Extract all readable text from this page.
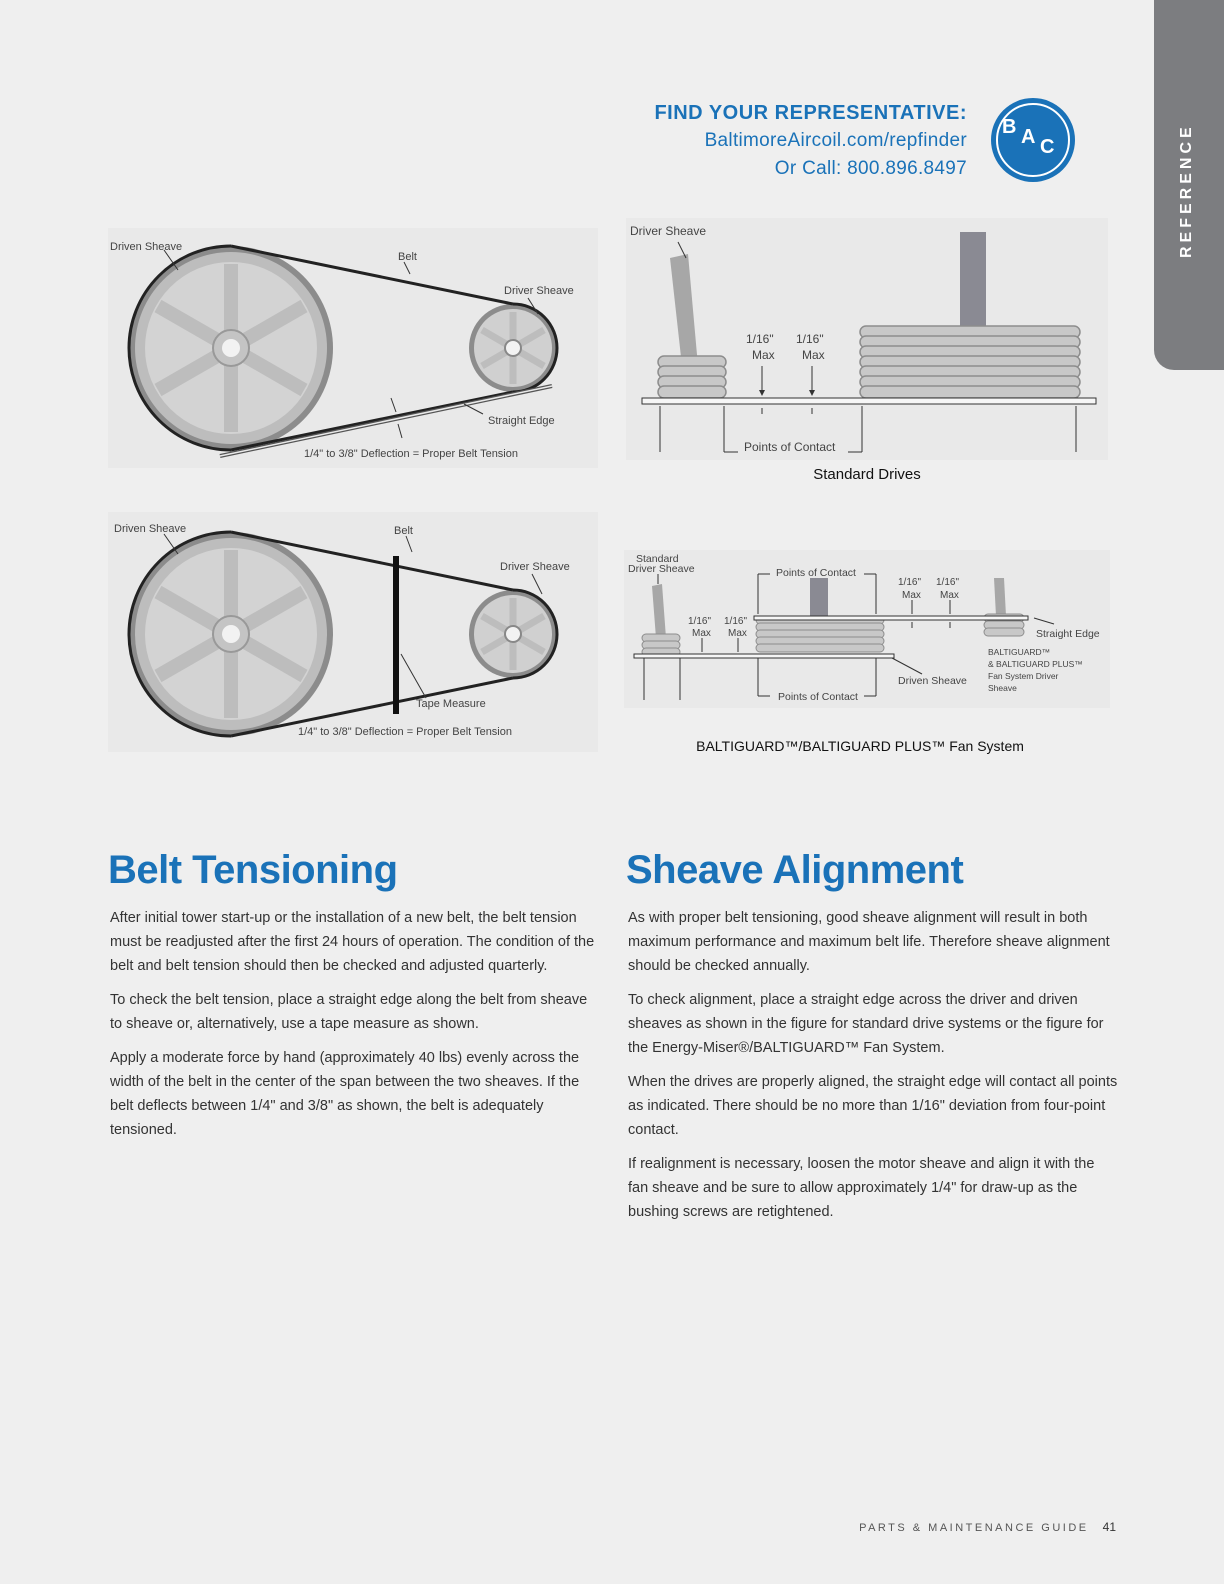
REFERENCE
FIND YOUR REPRESENTATIVE:
BaltimoreAircoil.com/repfinder
Or Call: 800.896.8497
B A C
Driven Sheave
Belt
Driver Sheave
Straight Edge
1/4" to 3/8" Deflection = Proper Belt Tension
Driven Sheave	Belt
Driver Sheave
Tape Measure
1/4" to 3/8" Deflection = Proper Belt Tension
Driver Sheave
1/16"
Max
1/16"
Max
Points of Contact
Standard Drives
Standard
Driver Sheave	Points of Contact
Points of Contact
1/16"
Max
1/16"
Max
1/16"
Max
1/16"
Max
Straight Edge
Driven Sheave
BALTIGUARD™
& BALTIGUARD PLUS™
Fan System Driver
Sheave
BALTIGUARD™/BALTIGUARD PLUS™ Fan System
Belt Tensioning

After initial tower start-up or the installation of a new belt, the belt tension must be readjusted after the first 24 hours of operation. The condition of the belt and belt tension should then be checked and adjusted quarterly.

To check the belt tension, place a straight edge along the belt from sheave to sheave or, alternatively, use a tape measure as shown.

Apply a moderate force by hand (approximately 40 lbs) evenly across the width of the belt in the center of the span between the two sheaves. If the belt deflects between 1/4" and 3/8" as shown, the belt is adequately tensioned.

Sheave Alignment

As with proper belt tensioning, good sheave alignment will result in both maximum performance and maximum belt life. Therefore sheave alignment should be checked annually.

To check alignment, place a straight edge across the driver and driven sheaves as shown in the figure for standard drive systems or the figure for the Energy-Miser®/BALTIGUARD™ Fan System.

When the drives are properly aligned, the straight edge will contact all points as indicated. There should be no more than 1/16" deviation from four-point contact.

If realignment is necessary, loosen the motor sheave and align it with the fan sheave and be sure to allow approximately 1/4" for draw-up as the bushing screws are retightened.

PARTS & MAINTENANCE GUIDE 41
